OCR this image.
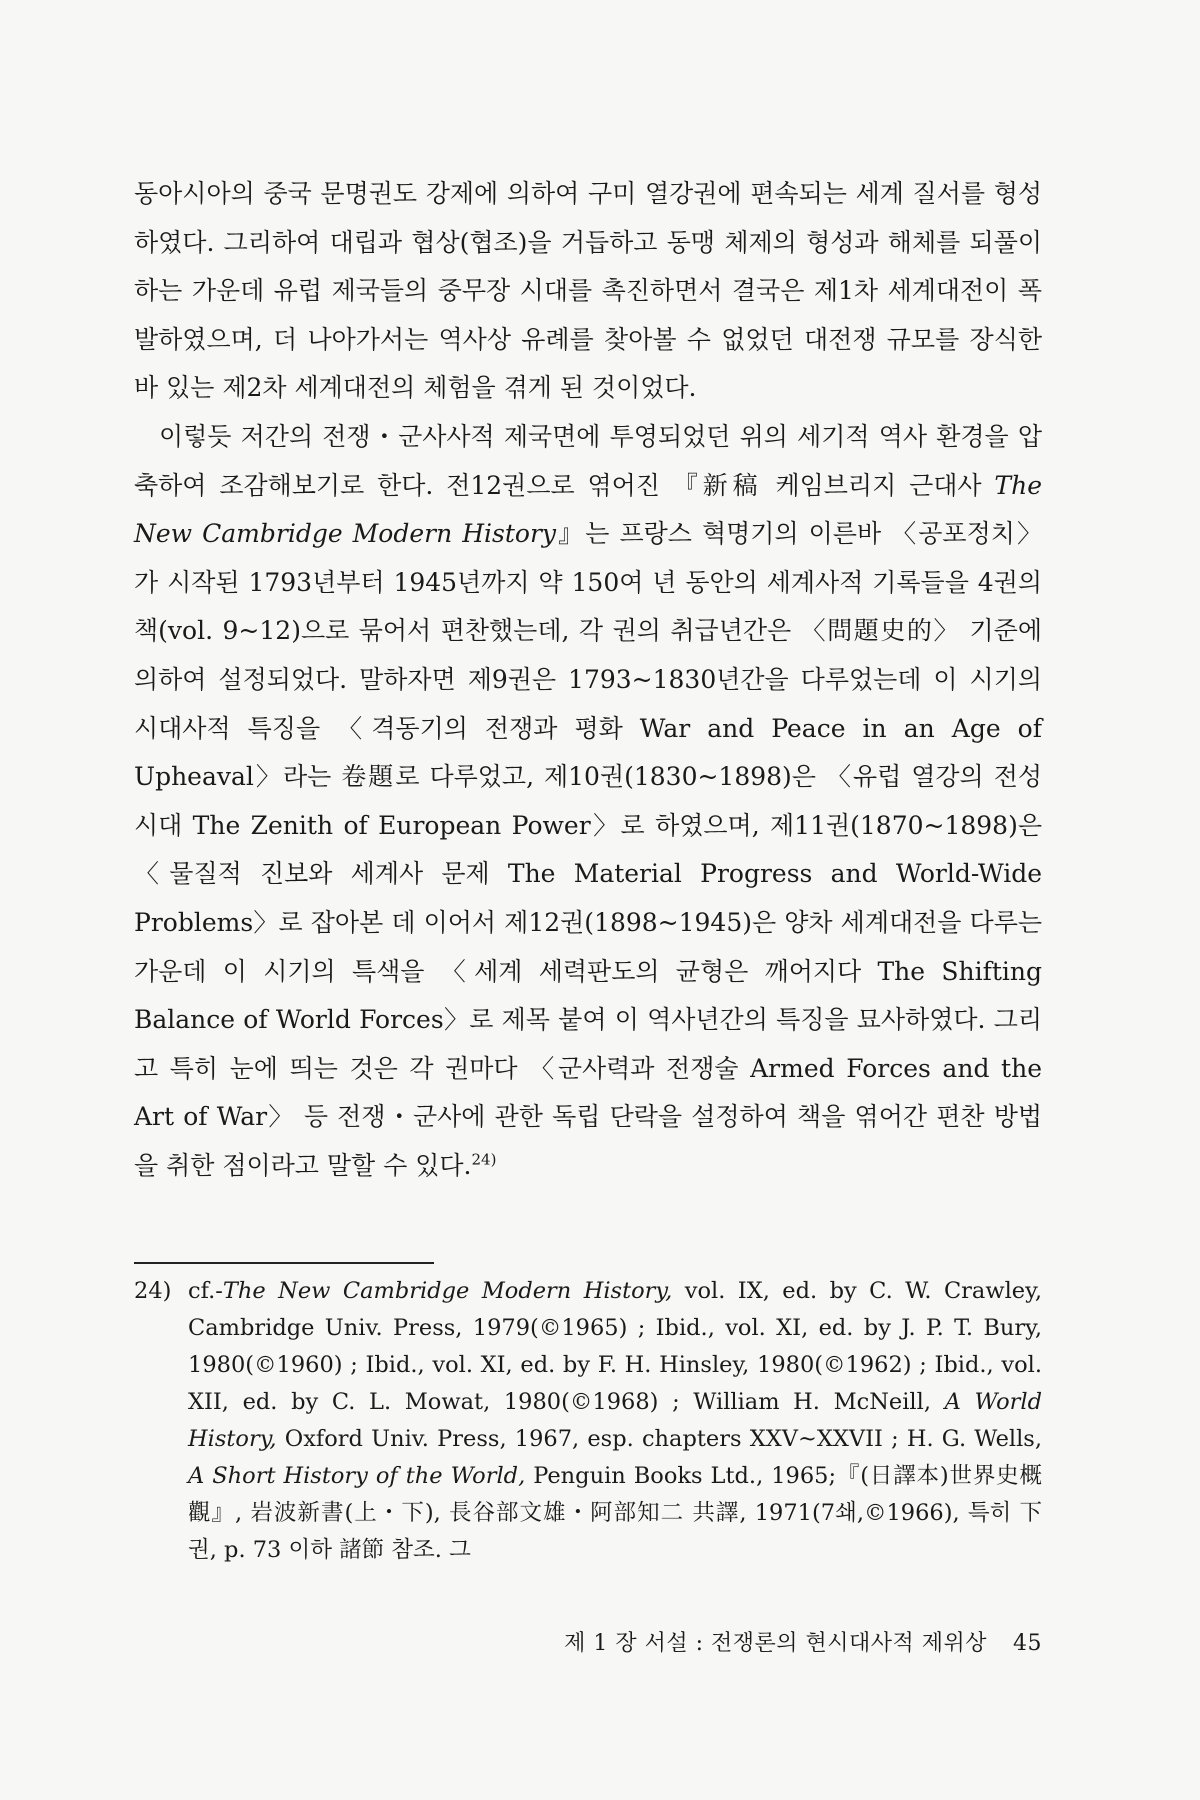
동아시아의 중국 문명권도 강제에 의하여 구미 열강권에 편속되는 세계 질서를 형성하였다. 그리하여 대립과 협상(협조)을 거듭하고 동맹 체제의 형성과 해체를 되풀이하는 가운데 유럽 제국들의 중무장 시대를 촉진하면서 결국은 제1차 세계대전이 폭발하였으며, 더 나아가서는 역사상 유례를 찾아볼 수 없었던 대전쟁 규모를 장식한 바 있는 제2차 세계대전의 체험을 겪게 된 것이었다.

이렇듯 저간의 전쟁・군사사적 제국면에 투영되었던 위의 세기적 역사 환경을 압축하여 조감해보기로 한다. 전12권으로 엮어진 『新稿 케임브리지 근대사 The New Cambridge Modern History』는 프랑스 혁명기의 이른바 〈공포정치〉가 시작된 1793년부터 1945년까지 약 150여 년 동안의 세계사적 기록들을 4권의 책(vol. 9~12)으로 묶어서 편찬했는데, 각 권의 취급년간은 〈問題史的〉 기준에 의하여 설정되었다. 말하자면 제9권은 1793~1830년간을 다루었는데 이 시기의 시대사적 특징을 〈격동기의 전쟁과 평화 War and Peace in an Age of Upheaval〉라는 卷題로 다루었고, 제10권(1830~1898)은 〈유럽 열강의 전성시대 The Zenith of European Power〉로 하였으며, 제11권(1870~1898)은 〈물질적 진보와 세계사 문제 The Material Progress and World-Wide Problems〉로 잡아본 데 이어서 제12권(1898~1945)은 양차 세계대전을 다루는 가운데 이 시기의 특색을 〈세계 세력판도의 균형은 깨어지다 The Shifting Balance of World Forces〉로 제목 붙여 이 역사년간의 특징을 묘사하였다. 그리고 특히 눈에 띄는 것은 각 권마다 〈군사력과 전쟁술 Armed Forces and the Art of War〉 등 전쟁・군사에 관한 독립 단락을 설정하여 책을 엮어간 편찬 방법을 취한 점이라고 말할 수 있다.$^{24)}$

24) cf.-The New Cambridge Modern History, vol. IX, ed. by C. W. Crawley, Cambridge Univ. Press, 1979(©1965) ; Ibid., vol. XI, ed. by J. P. T. Bury, 1980(©1960) ; Ibid., vol. XI, ed. by F. H. Hinsley, 1980(©1962) ; Ibid., vol. XII, ed. by C. L. Mowat, 1980(©1968) ; William H. McNeill, A World History, Oxford Univ. Press, 1967, esp. chapters XXV~XXVII ; H. G. Wells, A Short History of the World, Penguin Books Ltd., 1965;『(日譯本)世界史概觀』, 岩波新書(上・下), 長谷部文雄・阿部知二 共譯, 1971(7쇄,©1966), 특히 下권, p. 73 이하 諸節 참조. 그
제 1 장 서설 : 전쟁론의 현시대사적 제위상 45
